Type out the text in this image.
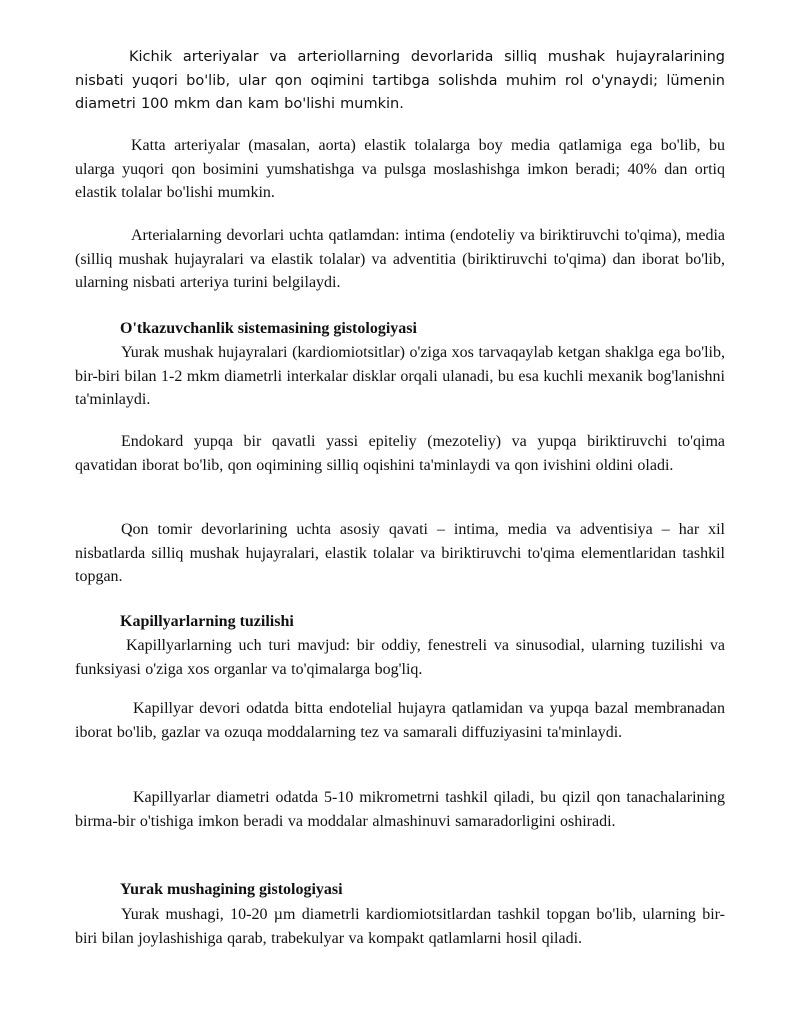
Kichik arteriyalar va arteriollarning devorlarida silliq mushak hujayralarining nisbati yuqori bo'lib, ular qon oqimini tartibga solishda muhim rol o'ynaydi; lümenin diametri 100 mkm dan kam bo'lishi mumkin.

Katta arteriyalar (masalan, aorta) elastik tolalarga boy media qatlamiga ega bo'lib, bu ularga yuqori qon bosimini yumshatishga va pulsga moslashishga imkon beradi; 40% dan ortiq elastik tolalar bo'lishi mumkin.

Arterialarning devorlari uchta qatlamdan: intima (endoteliy va biriktiruvchi to'qima), media (silliq mushak hujayralari va elastik tolalar) va adventitia (biriktiruvchi to'qima) dan iborat bo'lib, ularning nisbati arteriya turini belgilaydi.

O'tkazuvchanlik sistemasining gistologiyasi

Yurak mushak hujayralari (kardiomiotsitlar) o'ziga xos tarvaqaylab ketgan shaklga ega bo'lib, bir-biri bilan 1-2 mkm diametrli interkalar disklar orqali ulanadi, bu esa kuchli mexanik bog'lanishni ta'minlaydi.

Endokard yupqa bir qavatli yassi epiteliy (mezoteliy) va yupqa biriktiruvchi to'qima qavatidan iborat bo'lib, qon oqimining silliq oqishini ta'minlaydi va qon ivishini oldini oladi.

Qon tomir devorlarining uchta asosiy qavati – intima, media va adventisiya – har xil nisbatlarda silliq mushak hujayralari, elastik tolalar va biriktiruvchi to'qima elementlaridan tashkil topgan.

Kapillyarlarning tuzilishi

Kapillyarlarning uch turi mavjud: bir oddiy, fenestreli va sinusodial, ularning tuzilishi va funksiyasi o'ziga xos organlar va to'qimalarga bog'liq.

Kapillyar devori odatda bitta endotelial hujayra qatlamidan va yupqa bazal membranadan iborat bo'lib, gazlar va ozuqa moddalarning tez va samarali diffuziyasini ta'minlaydi.

Kapillyarlar diametri odatda 5-10 mikrometrni tashkil qiladi, bu qizil qon tanachalarining birma-bir o'tishiga imkon beradi va moddalar almashinuvi samaradorligini oshiradi.

Yurak mushagining gistologiyasi

Yurak mushagi, 10-20 µm diametrli kardiomiotsitlardan tashkil topgan bo'lib, ularning bir-biri bilan joylashishiga qarab, trabekulyar va kompakt qatlamlarni hosil qiladi.
